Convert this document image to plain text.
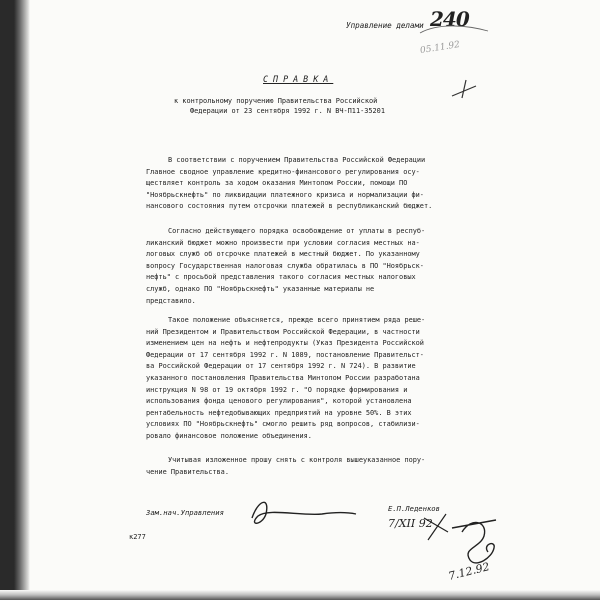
Управление делами 240
05.11.92
СПРАВКА
к контрольному поручению Правительства Российской
Федерации от 23 сентября 1992 г. N ВЧ-П11-35201
В соответствии с поручением Правительства Российской Федерации
Главное сводное управление кредитно-финансового регулирования осу-
ществляет контроль за ходом оказания Минтопом России, помощи ПО
"Ноябрьскнефть" по ликвидации платежного кризиса и нормализации фи-
нансового состояния путем отсрочки платежей в республиканский бюджет.
Согласно действующего порядка освобождение от уплаты в респуб-
ликанский бюджет можно произвести при условии согласия местных на-
логовых служб об отсрочке платежей в местный бюджет. По указанному
вопросу Государственная налоговая служба обратилась в ПО "Ноябрьск-
нефть" с просьбой представления такого согласия местных налоговых
служб, однако ПО "Ноябрьскнефть" указанные материалы не
представило.
Такое положение объясняется, прежде всего принятием ряда реше-
ний Президентом и Правительством Российской Федерации, в частности
изменением цен на нефть и нефтепродукты (Указ Президента Российской
Федерации от 17 сентября 1992 г. N 1089, постановление Правительст-
ва Российской Федерации от 17 сентября 1992 г. N 724). В развитие
указанного постановления Правительства Минтопом России разработана
инструкция N 98 от 19 октября 1992 г. "О порядке формирования и
использования фонда ценового регулирования", которой установлена
рентабельность нефтедобывающих предприятий на уровне 50%. В этих
условиях ПО "Ноябрьскнефть" смогло решить ряд вопросов, стабилизи-
ровало финансовое положение объединения.
Учитывая изложенное прошу снять с контроля вышеуказанное пору-
чение Правительства.
Зам.нач.Управления	Е.П.Леденков
7/XII 92
7.12.92
к277
